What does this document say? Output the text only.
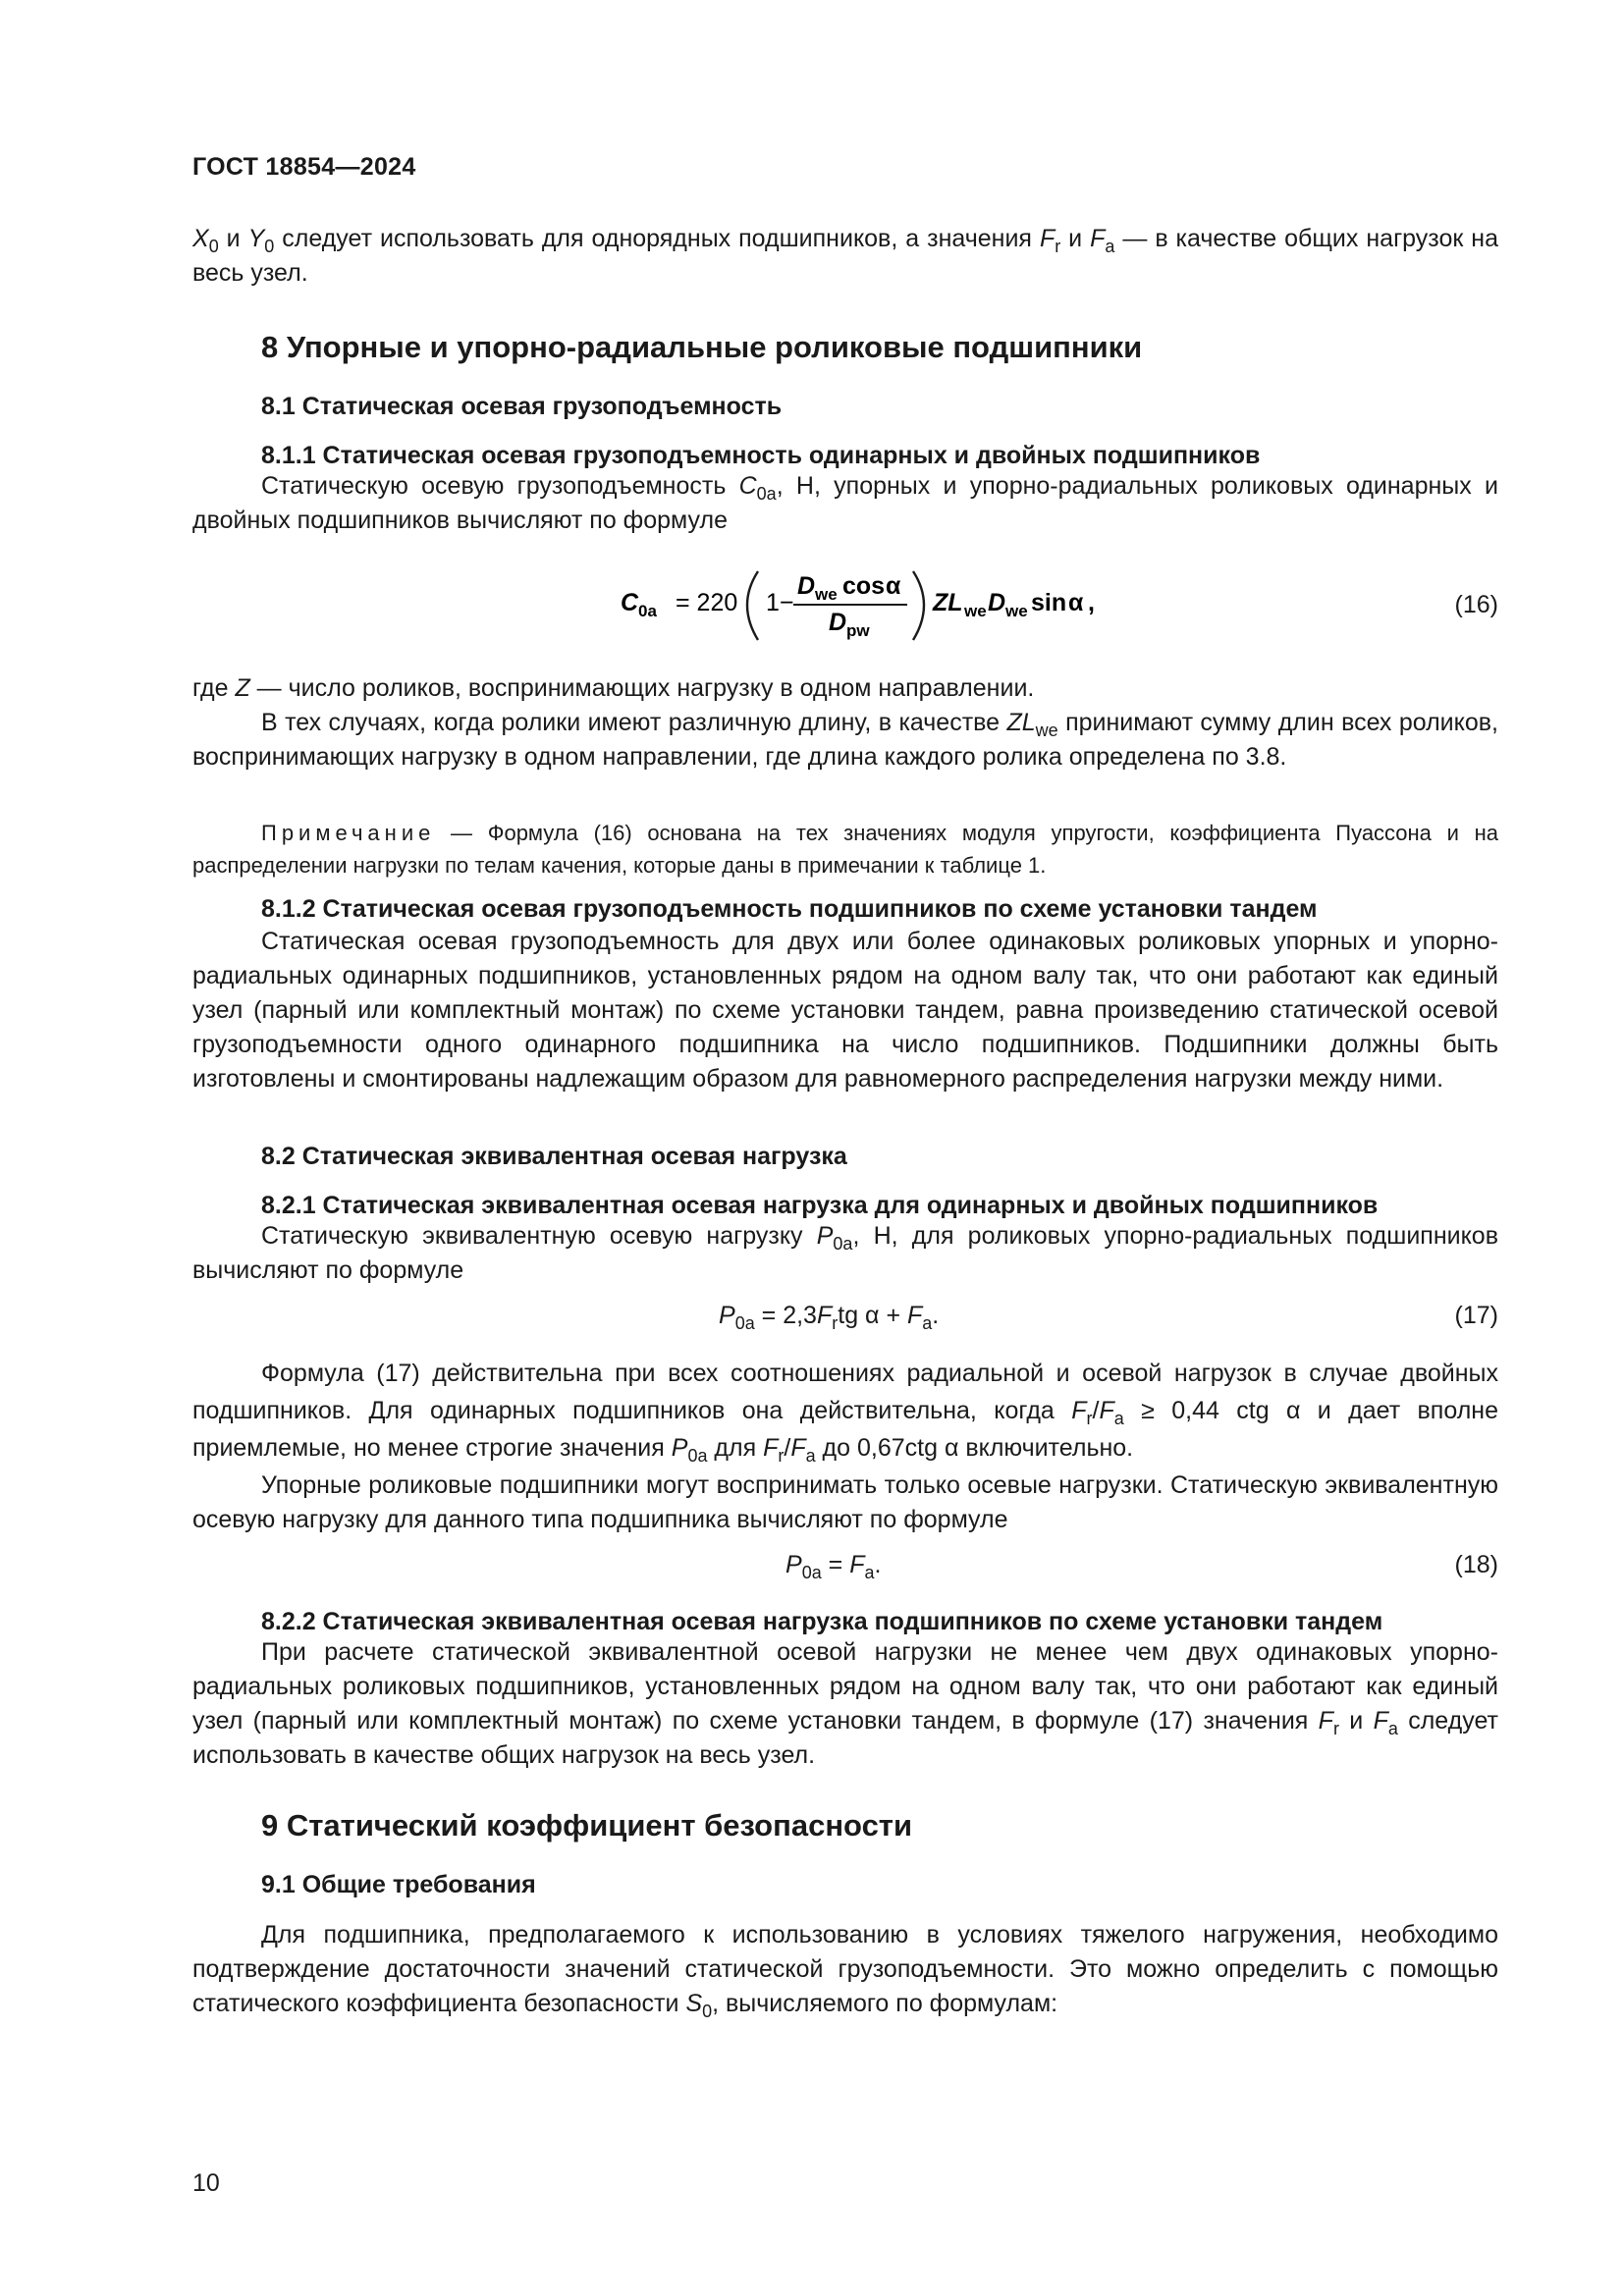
ГОСТ 18854—2024

$X_0$ и $Y_0$ следует использовать для однорядных подшипников, а значения $F_r$ и $F_a$ — в качестве общих нагрузок на весь узел.

8 Упорные и упорно-радиальные роликовые подшипники
8.1 Статическая осевая грузоподъемность
8.1.1 Статическая осевая грузоподъемность одинарных и двойных подшипников

Статическую осевую грузоподъемность $C_{0a}$, Н, упорных и упорно-радиальных роликовых одинарных и двойных подшипников вычисляют по формуле

C 0a = 220 1−
D we cos α
D pw
ZL we D we sin α ,	(16)

где Z — число роликов, воспринимающих нагрузку в одном направлении.

В тех случаях, когда ролики имеют различную длину, в качестве $ZL_{we}$ принимают сумму длин всех роликов, воспринимающих нагрузку в одном направлении, где длина каждого ролика определена по 3.8.

Примечание — Формула (16) основана на тех значениях модуля упругости, коэффициента Пуассона и на распределении нагрузки по телам качения, которые даны в примечании к таблице 1.

8.1.2 Статическая осевая грузоподъемность подшипников по схеме установки тандем

Статическая осевая грузоподъемность для двух или более одинаковых роликовых упорных и упорно-радиальных одинарных подшипников, установленных рядом на одном валу так, что они работают как единый узел (парный или комплектный монтаж) по схеме установки тандем, равна произведению статической осевой грузоподъемности одного одинарного подшипника на число подшипников. Подшипники должны быть изготовлены и смонтированы надлежащим образом для равномерного распределения нагрузки между ними.

8.2 Статическая эквивалентная осевая нагрузка
8.2.1 Статическая эквивалентная осевая нагрузка для одинарных и двойных подшипников

Статическую эквивалентную осевую нагрузку $P_{0a}$, Н, для роликовых упорно-радиальных подшипников вычисляют по формуле

$P_{0a} = 2,3F_rtg$ $\alpha + F_a$.	(17)

Формула (17) действительна при всех соотношениях радиальной и осевой нагрузок в случае двойных подшипников. Для одинарных подшипников она действительна, когда $F_r/F_a \ge 0,44$ ctg α и дает вполне приемлемые, но менее строгие значения $P_{0a}$ для $F_r/F_a$ до 0,67ctg α включительно.

Упорные роликовые подшипники могут воспринимать только осевые нагрузки. Статическую эквивалентную осевую нагрузку для данного типа подшипника вычисляют по формуле

$P_{0a} = F_a$.	(18)
8.2.2 Статическая эквивалентная осевая нагрузка подшипников по схеме установки тандем

При расчете статической эквивалентной осевой нагрузки не менее чем двух одинаковых упорно-радиальных роликовых подшипников, установленных рядом на одном валу так, что они работают как единый узел (парный или комплектный монтаж) по схеме установки тандем, в формуле (17) значения $F_r$ и $F_a$ следует использовать в качестве общих нагрузок на весь узел.

9 Статический коэффициент безопасности
9.1 Общие требования

Для подшипника, предполагаемого к использованию в условиях тяжелого нагружения, необходимо подтверждение достаточности значений статической грузоподъемности. Это можно определить с помощью статического коэффициента безопасности $S_0$, вычисляемого по формулам:

10
